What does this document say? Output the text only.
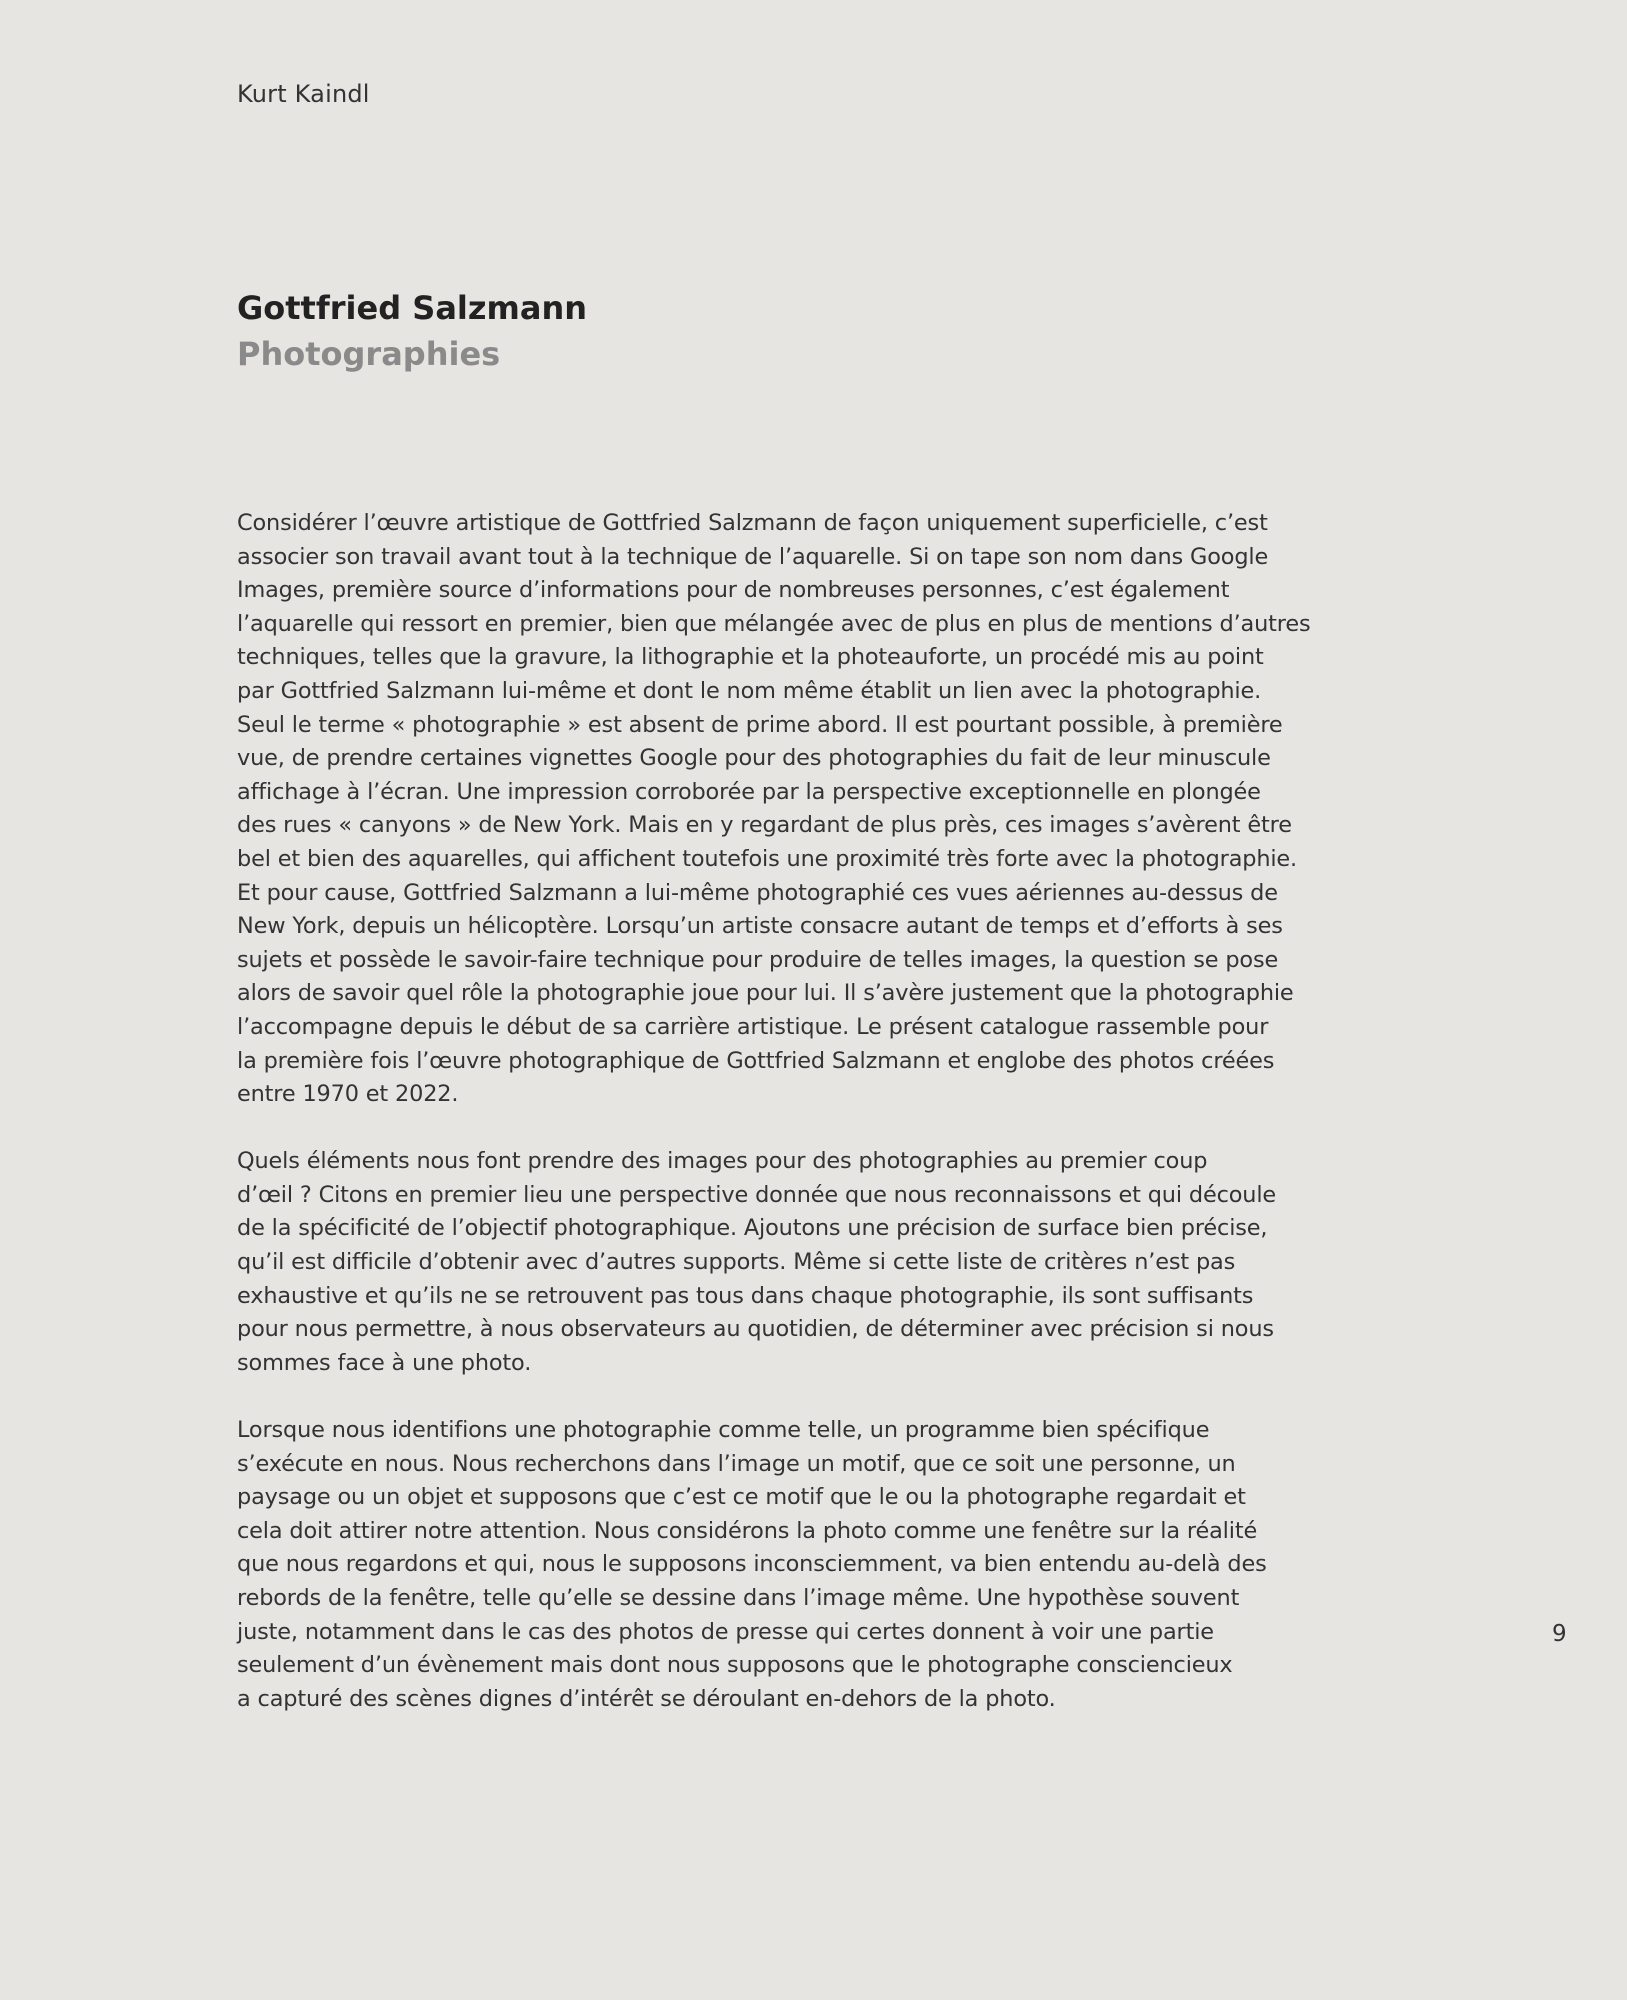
Kurt Kaindl
Gottfried Salzmann
Photographies

Considérer l’œuvre artistique de Gottfried Salzmann de façon uniquement superficielle, c’est
associer son travail avant tout à la technique de l’aquarelle. Si on tape son nom dans Google
Images, première source d’informations pour de nombreuses personnes, c’est également
l’aquarelle qui ressort en premier, bien que mélangée avec de plus en plus de mentions d’autres
techniques, telles que la gravure, la lithographie et la photeauforte, un procédé mis au point
par Gottfried Salzmann lui-même et dont le nom même établit un lien avec la photographie.
Seul le terme « photographie » est absent de prime abord. Il est pourtant possible, à première
vue, de prendre certaines vignettes Google pour des photographies du fait de leur minuscule
affichage à l’écran. Une impression corroborée par la perspective exceptionnelle en plongée
des rues « canyons » de New York. Mais en y regardant de plus près, ces images s’avèrent être
bel et bien des aquarelles, qui affichent toutefois une proximité très forte avec la photographie.
Et pour cause, Gottfried Salzmann a lui-même photographié ces vues aériennes au-dessus de
New York, depuis un hélicoptère. Lorsqu’un artiste consacre autant de temps et d’efforts à ses
sujets et possède le savoir-faire technique pour produire de telles images, la question se pose
alors de savoir quel rôle la photographie joue pour lui. Il s’avère justement que la photographie
l’accompagne depuis le début de sa carrière artistique. Le présent catalogue rassemble pour
la première fois l’œuvre photographique de Gottfried Salzmann et englobe des photos créées
entre 1970 et 2022.

Quels éléments nous font prendre des images pour des photographies au premier coup
d’œil ? Citons en premier lieu une perspective donnée que nous reconnaissons et qui découle
de la spécificité de l’objectif photographique. Ajoutons une précision de surface bien précise,
qu’il est difficile d’obtenir avec d’autres supports. Même si cette liste de critères n’est pas
exhaustive et qu’ils ne se retrouvent pas tous dans chaque photographie, ils sont suffisants
pour nous permettre, à nous observateurs au quotidien, de déterminer avec précision si nous
sommes face à une photo.

Lorsque nous identifions une photographie comme telle, un programme bien spécifique
s’exécute en nous. Nous recherchons dans l’image un motif, que ce soit une personne, un
paysage ou un objet et supposons que c’est ce motif que le ou la photographe regardait et
cela doit attirer notre attention. Nous considérons la photo comme une fenêtre sur la réalité
que nous regardons et qui, nous le supposons inconsciemment, va bien entendu au-delà des
rebords de la fenêtre, telle qu’elle se dessine dans l’image même. Une hypothèse souvent
juste, notamment dans le cas des photos de presse qui certes donnent à voir une partie
seulement d’un évènement mais dont nous supposons que le photographe consciencieux
a capturé des scènes dignes d’intérêt se déroulant en-dehors de la photo.

9
